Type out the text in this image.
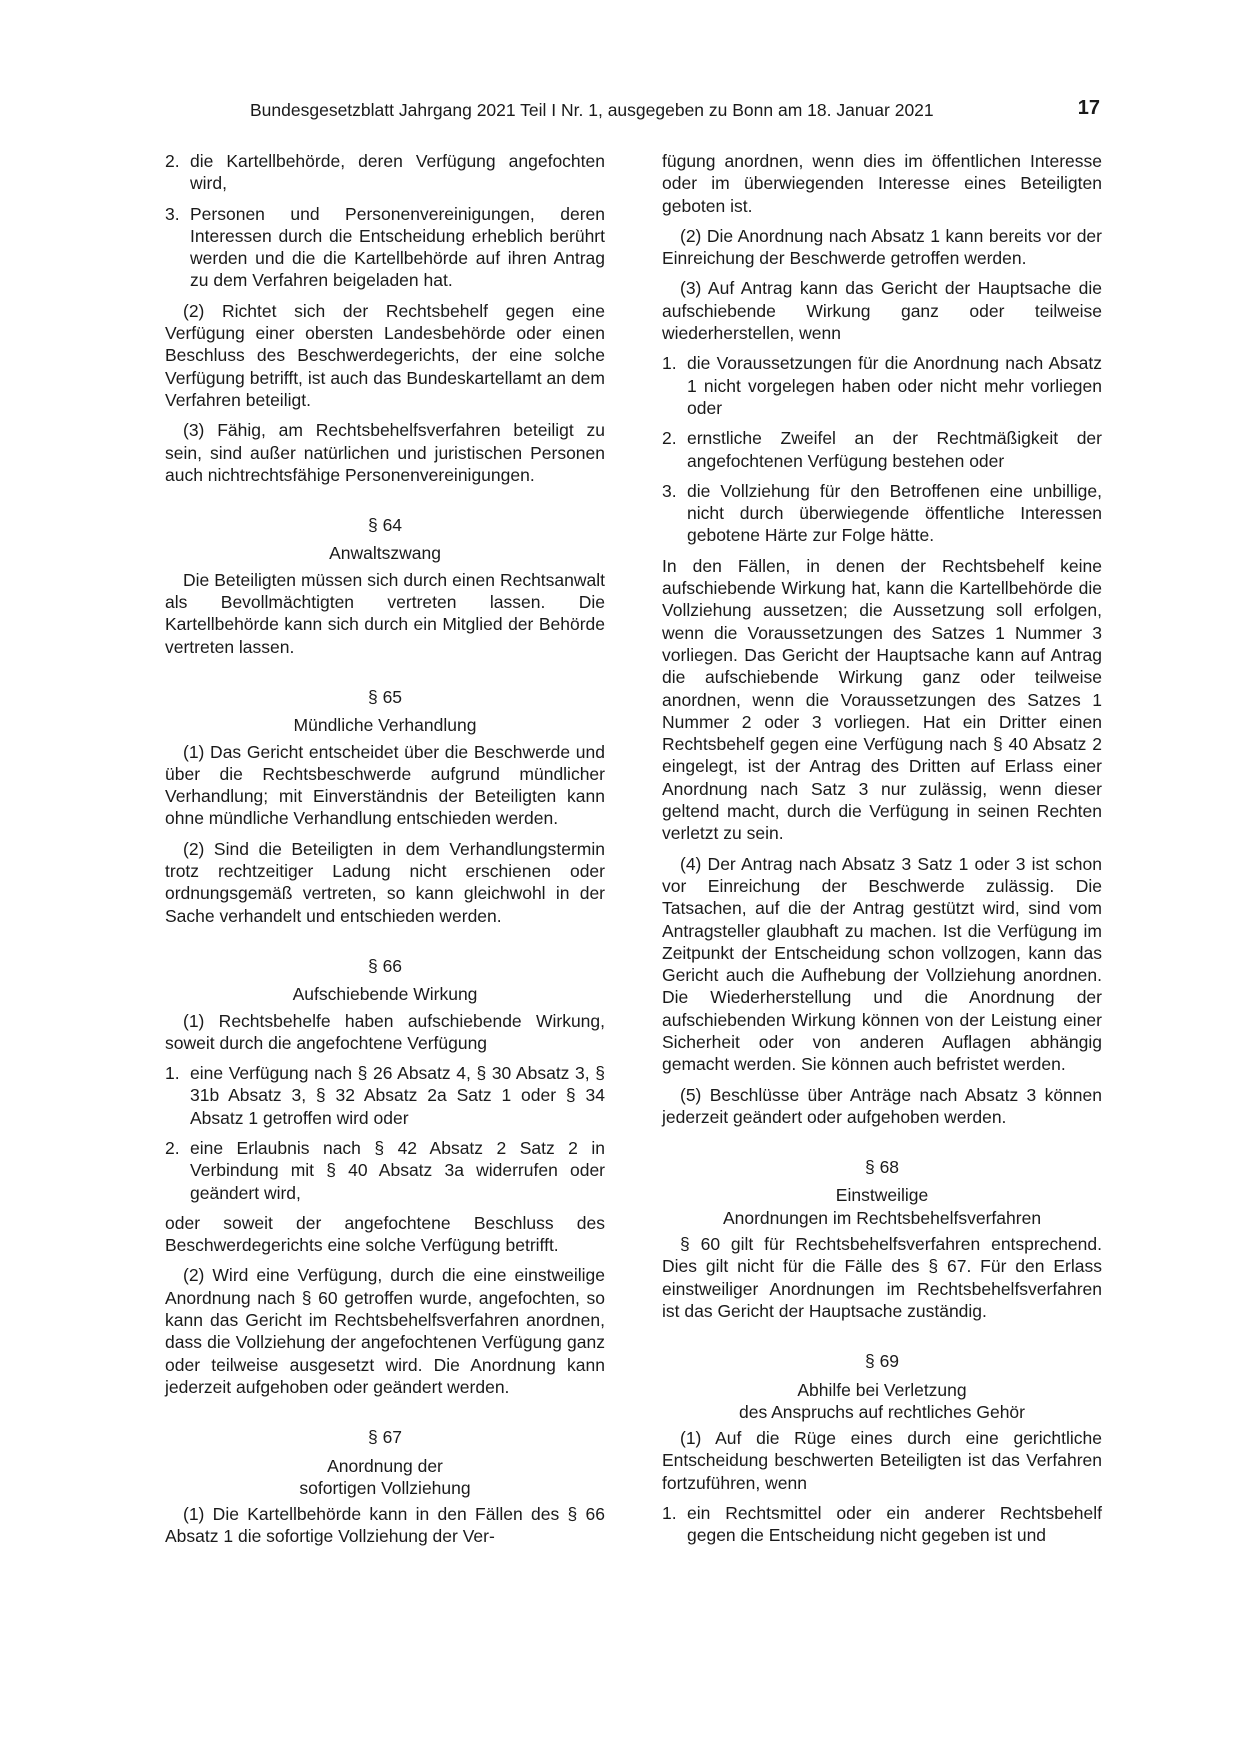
Bundesgesetzblatt Jahrgang 2021 Teil I Nr. 1, ausgegeben zu Bonn am 18. Januar 2021	17
2. die Kartellbehörde, deren Verfügung angefochten wird,
3. Personen und Personenvereinigungen, deren Interessen durch die Entscheidung erheblich berührt werden und die die Kartellbehörde auf ihren Antrag zu dem Verfahren beigeladen hat.

(2) Richtet sich der Rechtsbehelf gegen eine Verfügung einer obersten Landesbehörde oder einen Beschluss des Beschwerdegerichts, der eine solche Verfügung betrifft, ist auch das Bundeskartellamt an dem Verfahren beteiligt.

(3) Fähig, am Rechtsbehelfsverfahren beteiligt zu sein, sind außer natürlichen und juristischen Personen auch nichtrechtsfähige Personenvereinigungen.

§ 64
Anwaltszwang

Die Beteiligten müssen sich durch einen Rechtsanwalt als Bevollmächtigten vertreten lassen. Die Kartellbehörde kann sich durch ein Mitglied der Behörde vertreten lassen.

§ 65
Mündliche Verhandlung

(1) Das Gericht entscheidet über die Beschwerde und über die Rechtsbeschwerde aufgrund mündlicher Verhandlung; mit Einverständnis der Beteiligten kann ohne mündliche Verhandlung entschieden werden.

(2) Sind die Beteiligten in dem Verhandlungstermin trotz rechtzeitiger Ladung nicht erschienen oder ordnungsgemäß vertreten, so kann gleichwohl in der Sache verhandelt und entschieden werden.

§ 66
Aufschiebende Wirkung

(1) Rechtsbehelfe haben aufschiebende Wirkung, soweit durch die angefochtene Verfügung

1. eine Verfügung nach § 26 Absatz 4, § 30 Absatz 3, § 31b Absatz 3, § 32 Absatz 2a Satz 1 oder § 34 Absatz 1 getroffen wird oder
2. eine Erlaubnis nach § 42 Absatz 2 Satz 2 in Verbindung mit § 40 Absatz 3a widerrufen oder geändert wird,

oder soweit der angefochtene Beschluss des Beschwerdegerichts eine solche Verfügung betrifft.

(2) Wird eine Verfügung, durch die eine einstweilige Anordnung nach § 60 getroffen wurde, angefochten, so kann das Gericht im Rechtsbehelfsverfahren anordnen, dass die Vollziehung der angefochtenen Verfügung ganz oder teilweise ausgesetzt wird. Die Anordnung kann jederzeit aufgehoben oder geändert werden.

§ 67
Anordnung der
sofortigen Vollziehung

(1) Die Kartellbehörde kann in den Fällen des § 66 Absatz 1 die sofortige Vollziehung der Ver-

fügung anordnen, wenn dies im öffentlichen Interesse oder im überwiegenden Interesse eines Beteiligten geboten ist.

(2) Die Anordnung nach Absatz 1 kann bereits vor der Einreichung der Beschwerde getroffen werden.

(3) Auf Antrag kann das Gericht der Hauptsache die aufschiebende Wirkung ganz oder teilweise wiederherstellen, wenn

1. die Voraussetzungen für die Anordnung nach Absatz 1 nicht vorgelegen haben oder nicht mehr vorliegen oder
2. ernstliche Zweifel an der Rechtmäßigkeit der angefochtenen Verfügung bestehen oder
3. die Vollziehung für den Betroffenen eine unbillige, nicht durch überwiegende öffentliche Interessen gebotene Härte zur Folge hätte.

In den Fällen, in denen der Rechtsbehelf keine aufschiebende Wirkung hat, kann die Kartellbehörde die Vollziehung aussetzen; die Aussetzung soll erfolgen, wenn die Voraussetzungen des Satzes 1 Nummer 3 vorliegen. Das Gericht der Hauptsache kann auf Antrag die aufschiebende Wirkung ganz oder teilweise anordnen, wenn die Voraussetzungen des Satzes 1 Nummer 2 oder 3 vorliegen. Hat ein Dritter einen Rechtsbehelf gegen eine Verfügung nach § 40 Absatz 2 eingelegt, ist der Antrag des Dritten auf Erlass einer Anordnung nach Satz 3 nur zulässig, wenn dieser geltend macht, durch die Verfügung in seinen Rechten verletzt zu sein.

(4) Der Antrag nach Absatz 3 Satz 1 oder 3 ist schon vor Einreichung der Beschwerde zulässig. Die Tatsachen, auf die der Antrag gestützt wird, sind vom Antragsteller glaubhaft zu machen. Ist die Verfügung im Zeitpunkt der Entscheidung schon vollzogen, kann das Gericht auch die Aufhebung der Vollziehung anordnen. Die Wiederherstellung und die Anordnung der aufschiebenden Wirkung können von der Leistung einer Sicherheit oder von anderen Auflagen abhängig gemacht werden. Sie können auch befristet werden.

(5) Beschlüsse über Anträge nach Absatz 3 können jederzeit geändert oder aufgehoben werden.

§ 68
Einstweilige
Anordnungen im Rechtsbehelfsverfahren

§ 60 gilt für Rechtsbehelfsverfahren entsprechend. Dies gilt nicht für die Fälle des § 67. Für den Erlass einstweiliger Anordnungen im Rechtsbehelfsverfahren ist das Gericht der Hauptsache zuständig.

§ 69
Abhilfe bei Verletzung
des Anspruchs auf rechtliches Gehör

(1) Auf die Rüge eines durch eine gerichtliche Entscheidung beschwerten Beteiligten ist das Verfahren fortzuführen, wenn

1. ein Rechtsmittel oder ein anderer Rechtsbehelf gegen die Entscheidung nicht gegeben ist und
